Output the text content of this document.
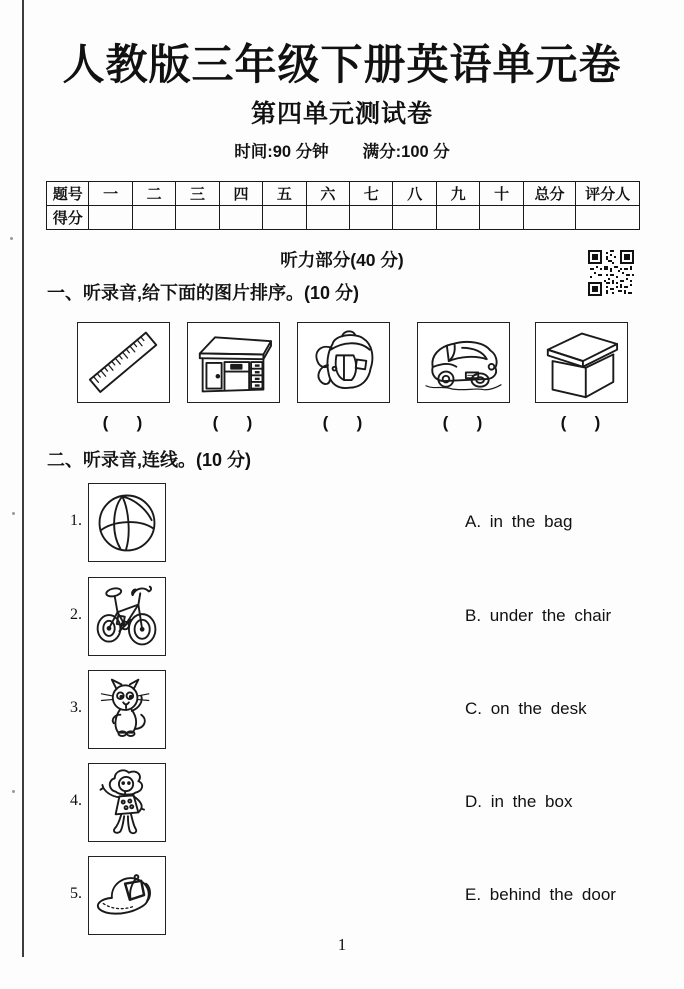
人教版三年级下册英语单元卷
第四单元测试卷
时间:90 分钟 满分:100 分
题号	一	二	三	四	五	六	七	八	九	十	总分	评分人
得分												
听力部分(40 分)
一、听录音,给下面的图片排序。(10 分)
(      )	(      )	(      )	(      )	(      )
二、听录音,连线。(10 分)
1.	A. in the bag
2.	B. under the chair
3.	C. on the desk
4.	D. in the box
5.	E. behind the door
1
